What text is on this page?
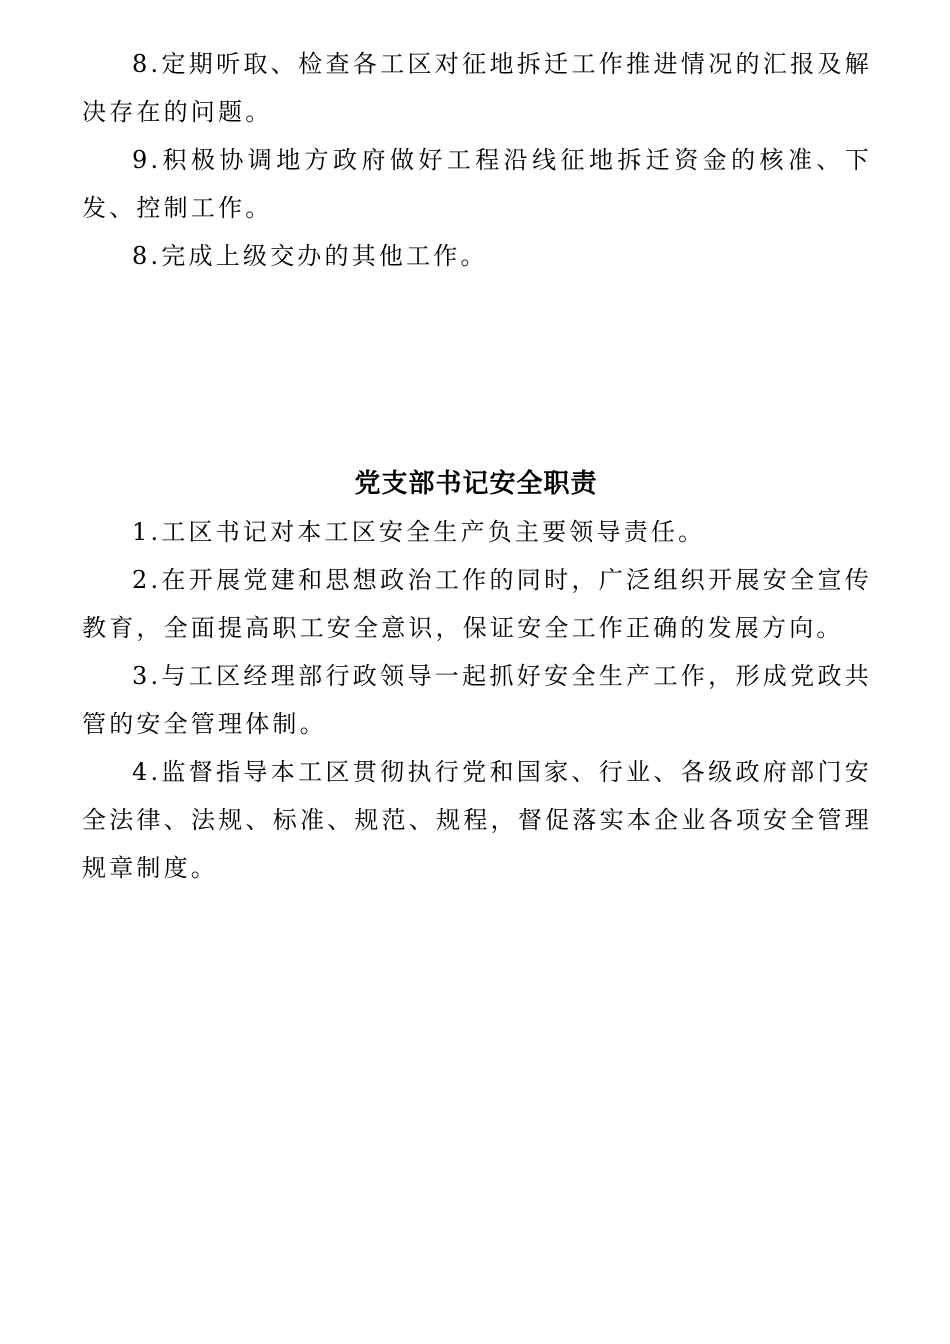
8.定期听取、检查各工区对征地拆迁工作推进情况的汇报及解决存在的问题。

9.积极协调地方政府做好工程沿线征地拆迁资金的核准、下发、控制工作。

8.完成上级交办的其他工作。

党支部书记安全职责

1.工区书记对本工区安全生产负主要领导责任。

2.在开展党建和思想政治工作的同时，广泛组织开展安全宣传教育，全面提高职工安全意识，保证安全工作正确的发展方向。

3.与工区经理部行政领导一起抓好安全生产工作，形成党政共管的安全管理体制。

4.监督指导本工区贯彻执行党和国家、行业、各级政府部门安全法律、法规、标准、规范、规程，督促落实本企业各项安全管理规章制度。
